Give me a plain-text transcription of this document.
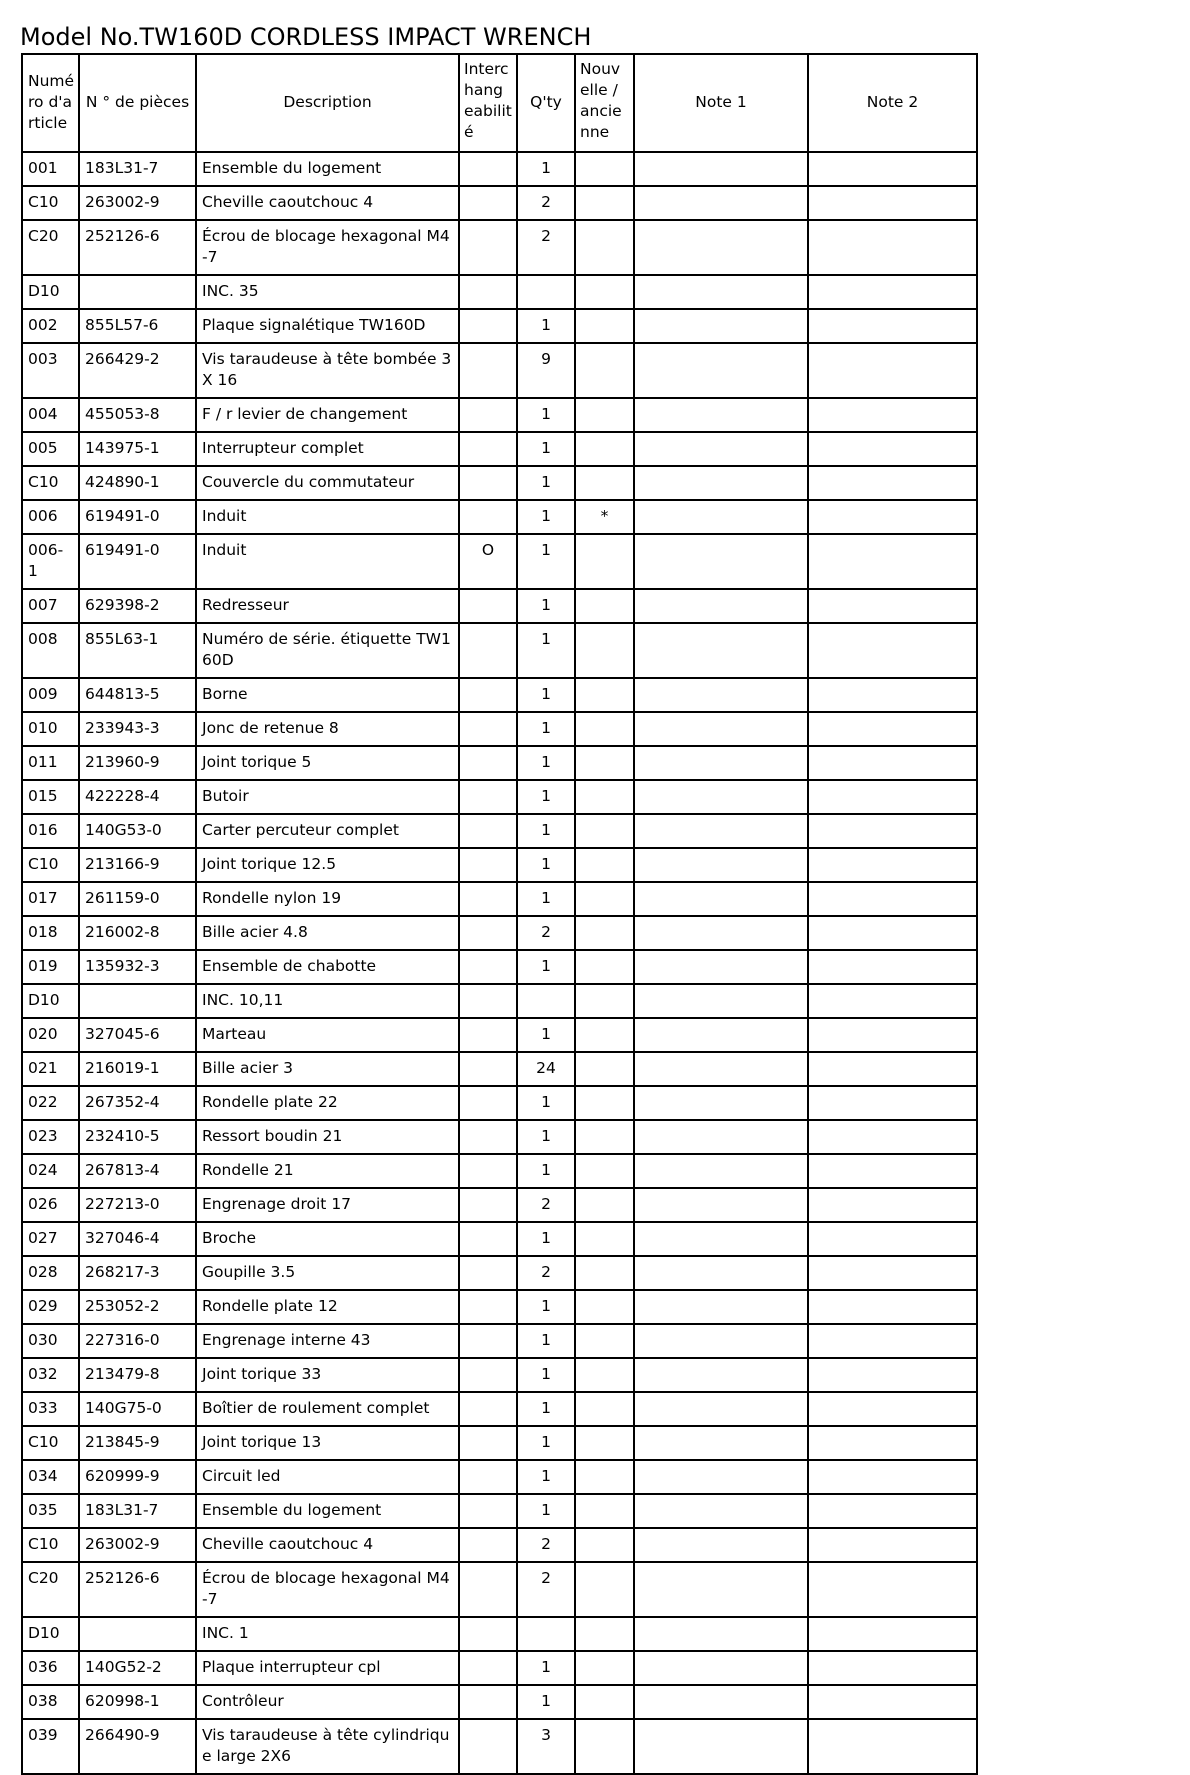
Model No.TW160D CORDLESS IMPACT WRENCH
Numé ro d'a rticle	N ° de pièces	Description	Interc hang eabilit é	Q'ty	Nouv elle / ancie nne	Note 1	Note 2
001	183L31-7	Ensemble du logement		1			
C10	263002-9	Cheville caoutchouc 4		2			
C20	252126-6	Écrou de blocage hexagonal M4-7		2			
D10		INC. 35					
002	855L57-6	Plaque signalétique TW160D		1			
003	266429-2	Vis taraudeuse à tête bombée 3X 16		9			
004	455053-8	F / r levier de changement		1			
005	143975-1	Interrupteur complet		1			
C10	424890-1	Couvercle du commutateur		1			
006	619491-0	Induit		1	*		
006-1	619491-0	Induit	O	1			
007	629398-2	Redresseur		1			
008	855L63-1	Numéro de série. étiquette TW160D		1			
009	644813-5	Borne		1			
010	233943-3	Jonc de retenue 8		1			
011	213960-9	Joint torique 5		1			
015	422228-4	Butoir		1			
016	140G53-0	Carter percuteur complet		1			
C10	213166-9	Joint torique 12.5		1			
017	261159-0	Rondelle nylon 19		1			
018	216002-8	Bille acier 4.8		2			
019	135932-3	Ensemble de chabotte		1			
D10		INC. 10,11					
020	327045-6	Marteau		1			
021	216019-1	Bille acier 3		24			
022	267352-4	Rondelle plate 22		1			
023	232410-5	Ressort boudin 21		1			
024	267813-4	Rondelle 21		1			
026	227213-0	Engrenage droit 17		2			
027	327046-4	Broche		1			
028	268217-3	Goupille 3.5		2			
029	253052-2	Rondelle plate 12		1			
030	227316-0	Engrenage interne 43		1			
032	213479-8	Joint torique 33		1			
033	140G75-0	Boîtier de roulement complet		1			
C10	213845-9	Joint torique 13		1			
034	620999-9	Circuit led		1			
035	183L31-7	Ensemble du logement		1			
C10	263002-9	Cheville caoutchouc 4		2			
C20	252126-6	Écrou de blocage hexagonal M4-7		2			
D10		INC. 1					
036	140G52-2	Plaque interrupteur cpl		1			
038	620998-1	Contrôleur		1			
039	266490-9	Vis taraudeuse à tête cylindrique large 2X6		3			
